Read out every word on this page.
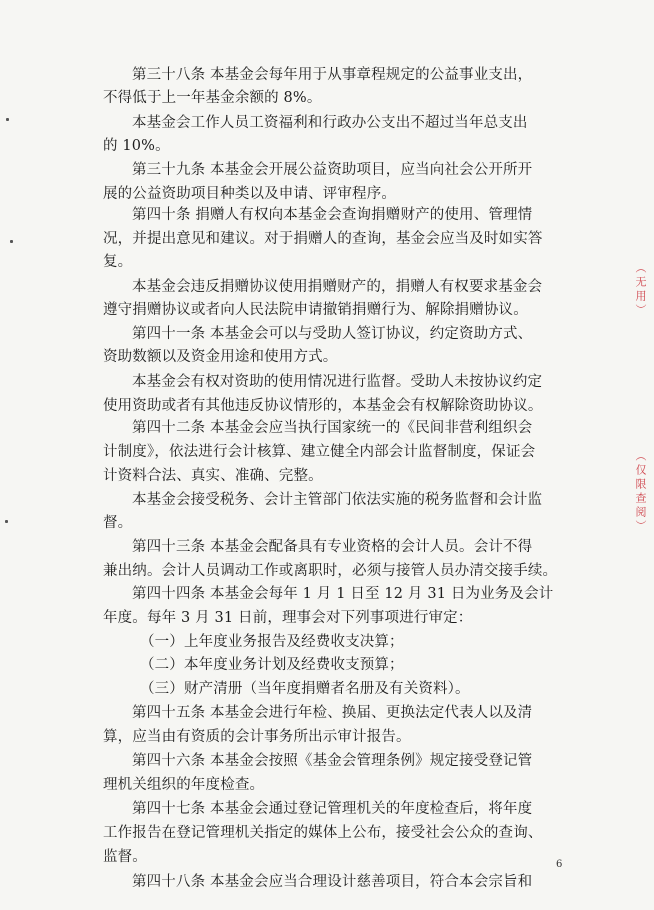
第三十八条 本基金会每年用于从事章程规定的公益事业支出，
不得低于上一年基金余额的 8%。
本基金会工作人员工资福利和行政办公支出不超过当年总支出
的 10%。
第三十九条 本基金会开展公益资助项目，应当向社会公开所开
展的公益资助项目种类以及申请、评审程序。
第四十条 捐赠人有权向本基金会查询捐赠财产的使用、管理情
况，并提出意见和建议。对于捐赠人的查询，基金会应当及时如实答
复。
本基金会违反捐赠协议使用捐赠财产的，捐赠人有权要求基金会
遵守捐赠协议或者向人民法院申请撤销捐赠行为、解除捐赠协议。
第四十一条 本基金会可以与受助人签订协议，约定资助方式、
资助数额以及资金用途和使用方式。
本基金会有权对资助的使用情况进行监督。受助人未按协议约定
使用资助或者有其他违反协议情形的，本基金会有权解除资助协议。
第四十二条 本基金会应当执行国家统一的《民间非营利组织会
计制度》，依法进行会计核算、建立健全内部会计监督制度，保证会
计资料合法、真实、准确、完整。
本基金会接受税务、会计主管部门依法实施的税务监督和会计监
督。
第四十三条 本基金会配备具有专业资格的会计人员。会计不得
兼出纳。会计人员调动工作或离职时，必须与接管人员办清交接手续。
第四十四条 本基金会每年 1 月 1 日至 12 月 31 日为业务及会计
年度。每年 3 月 31 日前，理事会对下列事项进行审定：
（一）上年度业务报告及经费收支决算；
（二）本年度业务计划及经费收支预算；
（三）财产清册（当年度捐赠者名册及有关资料）。
第四十五条 本基金会进行年检、换届、更换法定代表人以及清
算，应当由有资质的会计事务所出示审计报告。
第四十六条 本基金会按照《基金会管理条例》规定接受登记管
理机关组织的年度检查。
第四十七条 本基金会通过登记管理机关的年度检查后，将年度
工作报告在登记管理机关指定的媒体上公布，接受社会公众的查询、
监督。
第四十八条 本基金会应当合理设计慈善项目，符合本会宗旨和
6
（无用）
（仅限查阅）
